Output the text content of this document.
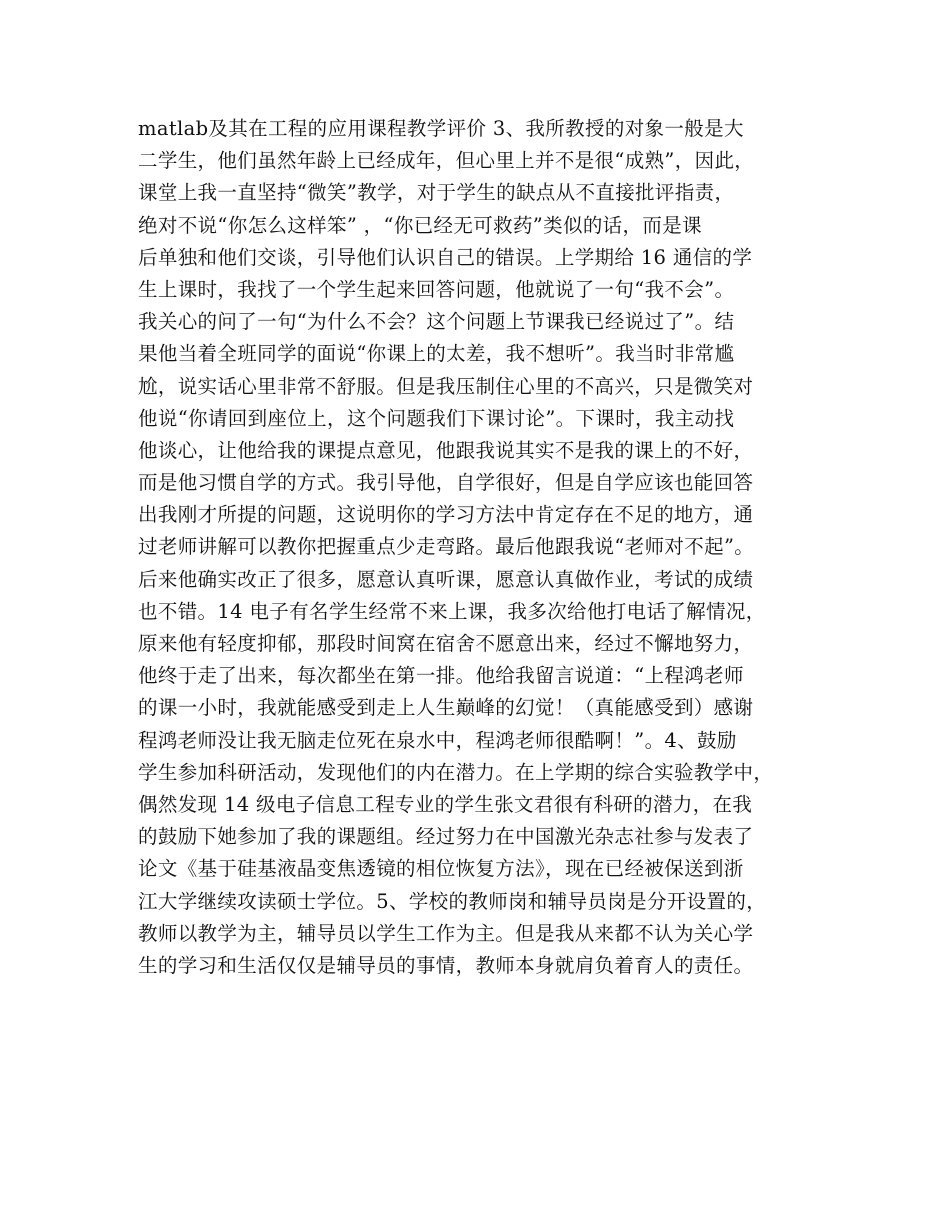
matlab及其在工程的应用课程教学评价 3、我所教授的对象一般是大
二学生，他们虽然年龄上已经成年，但心里上并不是很“成熟”，因此，
课堂上我一直坚持“微笑”教学，对于学生的缺点从不直接批评指责，
绝对不说“你怎么这样笨” ，“你已经无可救药”类似的话，而是课
后单独和他们交谈，引导他们认识自己的错误。上学期给 16 通信的学
生上课时，我找了一个学生起来回答问题，他就说了一句“我不会”。
我关心的问了一句“为什么不会？这个问题上节课我已经说过了”。结
果他当着全班同学的面说“你课上的太差，我不想听”。我当时非常尴
尬，说实话心里非常不舒服。但是我压制住心里的不高兴，只是微笑对
他说“你请回到座位上，这个问题我们下课讨论”。下课时，我主动找
他谈心，让他给我的课提点意见，他跟我说其实不是我的课上的不好，
而是他习惯自学的方式。我引导他，自学很好，但是自学应该也能回答
出我刚才所提的问题，这说明你的学习方法中肯定存在不足的地方，通
过老师讲解可以教你把握重点少走弯路。最后他跟我说“老师对不起”。
后来他确实改正了很多，愿意认真听课，愿意认真做作业，考试的成绩
也不错。14 电子有名学生经常不来上课，我多次给他打电话了解情况，
原来他有轻度抑郁，那段时间窝在宿舍不愿意出来，经过不懈地努力，
他终于走了出来，每次都坐在第一排。他给我留言说道：“上程鸿老师
的课一小时，我就能感受到走上人生巅峰的幻觉！（真能感受到）感谢
程鸿老师没让我无脑走位死在泉水中，程鸿老师很酷啊！”。4、鼓励
学生参加科研活动，发现他们的内在潜力。在上学期的综合实验教学中，
偶然发现 14 级电子信息工程专业的学生张文君很有科研的潜力，在我
的鼓励下她参加了我的课题组。经过努力在中国激光杂志社参与发表了
论文《基于硅基液晶变焦透镜的相位恢复方法》，现在已经被保送到浙
江大学继续攻读硕士学位。5、学校的教师岗和辅导员岗是分开设置的，
教师以教学为主，辅导员以学生工作为主。但是我从来都不认为关心学
生的学习和生活仅仅是辅导员的事情，教师本身就肩负着育人的责任。
